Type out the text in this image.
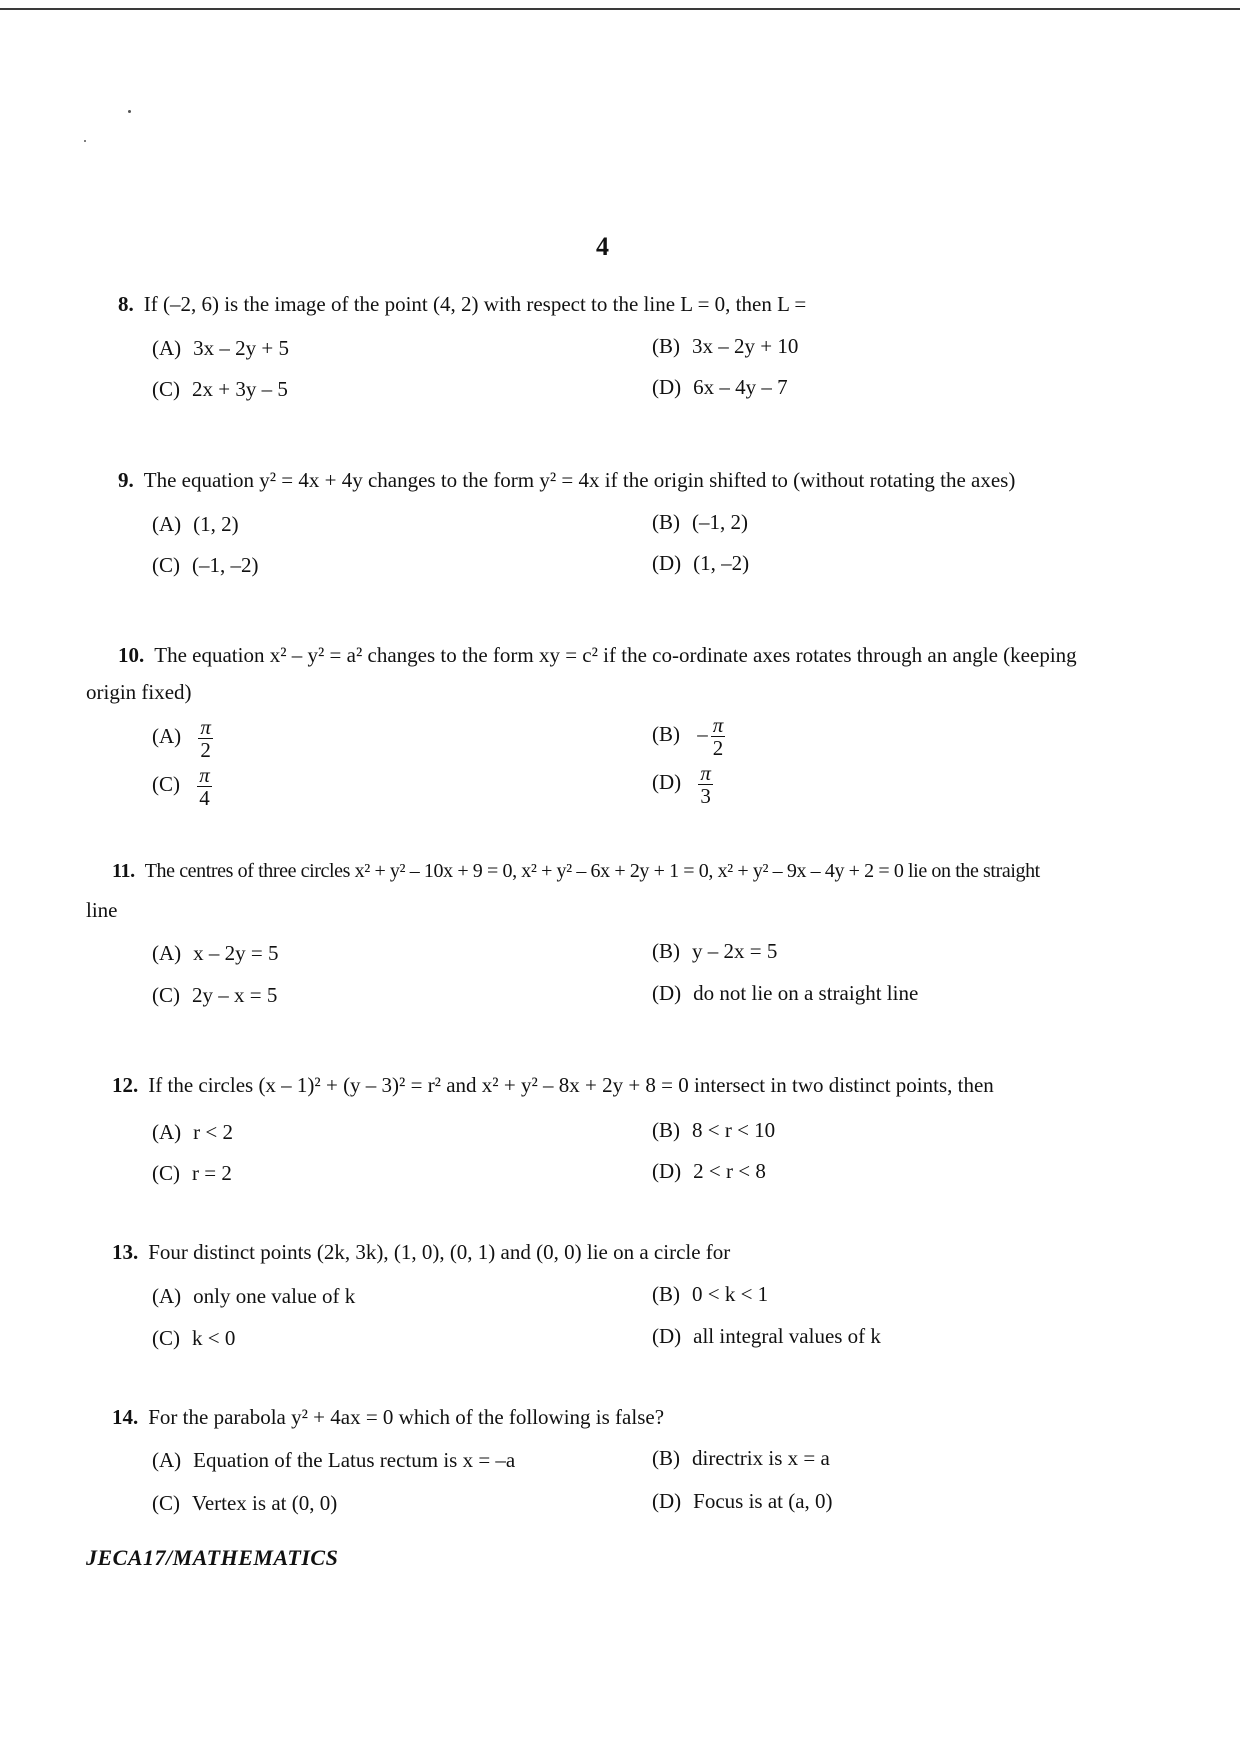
4
8. If (–2, 6) is the image of the point (4, 2) with respect to the line L = 0, then L =
(A) 3x – 2y + 5	(B) 3x – 2y + 10
(C) 2x + 3y – 5	(D) 6x – 4y – 7
9. The equation y² = 4x + 4y changes to the form y² = 4x if the origin shifted to (without rotating the axes)
(A) (1, 2)	(B) (–1, 2)
(C) (–1, –2)	(D) (1, –2)
10. The equation x² – y² = a² changes to the form xy = c² if the co-ordinate axes rotates through an angle (keeping
origin fixed)
$(A) \frac{\pi}{2}$	$(B) - \frac{\pi}{2}$
$(C) \frac{\pi}{4}$	$(D) \frac{\pi}{3}$
11. The centres of three circles x² + y² – 10x + 9 = 0, x² + y² – 6x + 2y + 1 = 0, x² + y² – 9x – 4y + 2 = 0 lie on the straight
line
(A) x – 2y = 5	(B) y – 2x = 5
(C) 2y – x = 5	(D) do not lie on a straight line
12. If the circles (x – 1)² + (y – 3)² = r² and x² + y² – 8x + 2y + 8 = 0 intersect in two distinct points, then
(A) r < 2	(B) 8 < r < 10
(C) r = 2	(D) 2 < r < 8
13. Four distinct points (2k, 3k), (1, 0), (0, 1) and (0, 0) lie on a circle for
(A) only one value of k	(B) 0 < k < 1
(C) k < 0	(D) all integral values of k
14. For the parabola y² + 4ax = 0 which of the following is false?
(A) Equation of the Latus rectum is x = –a	(B) directrix is x = a
(C) Vertex is at (0, 0)	(D) Focus is at (a, 0)
JECA17/MATHEMATICS
